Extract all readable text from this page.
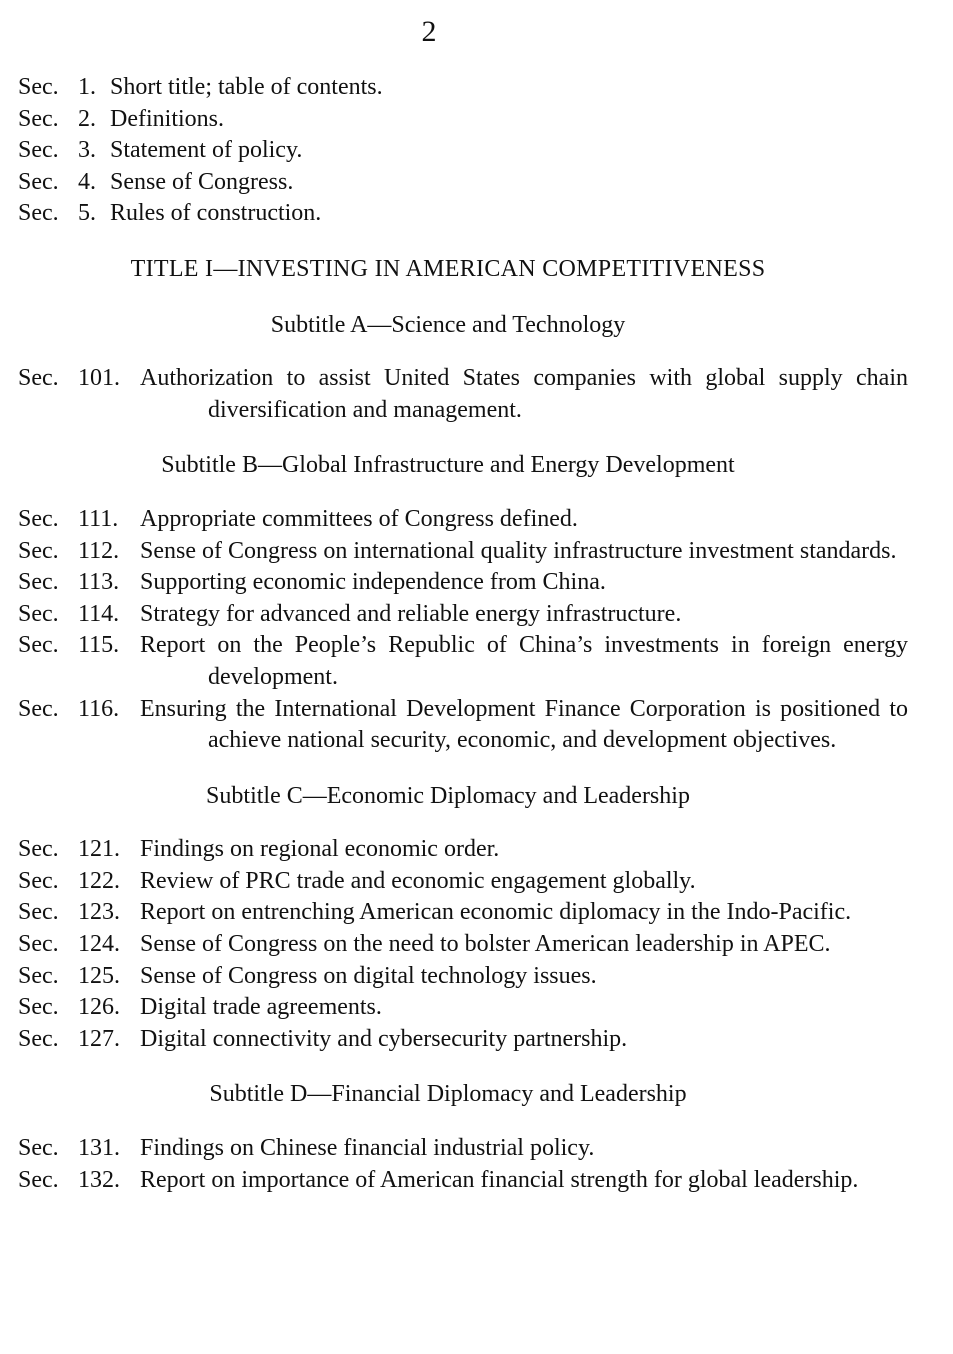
2
Sec. 1. Short title; table of contents.
Sec. 2. Definitions.
Sec. 3. Statement of policy.
Sec. 4. Sense of Congress.
Sec. 5. Rules of construction.
TITLE I—INVESTING IN AMERICAN COMPETITIVENESS
Subtitle A—Science and Technology
Sec. 101. Authorization to assist United States companies with global supply chain diversification and management.
Subtitle B—Global Infrastructure and Energy Development
Sec. 111. Appropriate committees of Congress defined.
Sec. 112. Sense of Congress on international quality infrastructure investment standards.
Sec. 113. Supporting economic independence from China.
Sec. 114. Strategy for advanced and reliable energy infrastructure.
Sec. 115. Report on the People’s Republic of China’s investments in foreign energy development.
Sec. 116. Ensuring the International Development Finance Corporation is positioned to achieve national security, economic, and development objectives.
Subtitle C—Economic Diplomacy and Leadership
Sec. 121. Findings on regional economic order.
Sec. 122. Review of PRC trade and economic engagement globally.
Sec. 123. Report on entrenching American economic diplomacy in the Indo-Pacific.
Sec. 124. Sense of Congress on the need to bolster American leadership in APEC.
Sec. 125. Sense of Congress on digital technology issues.
Sec. 126. Digital trade agreements.
Sec. 127. Digital connectivity and cybersecurity partnership.
Subtitle D—Financial Diplomacy and Leadership
Sec. 131. Findings on Chinese financial industrial policy.
Sec. 132. Report on importance of American financial strength for global leadership.
